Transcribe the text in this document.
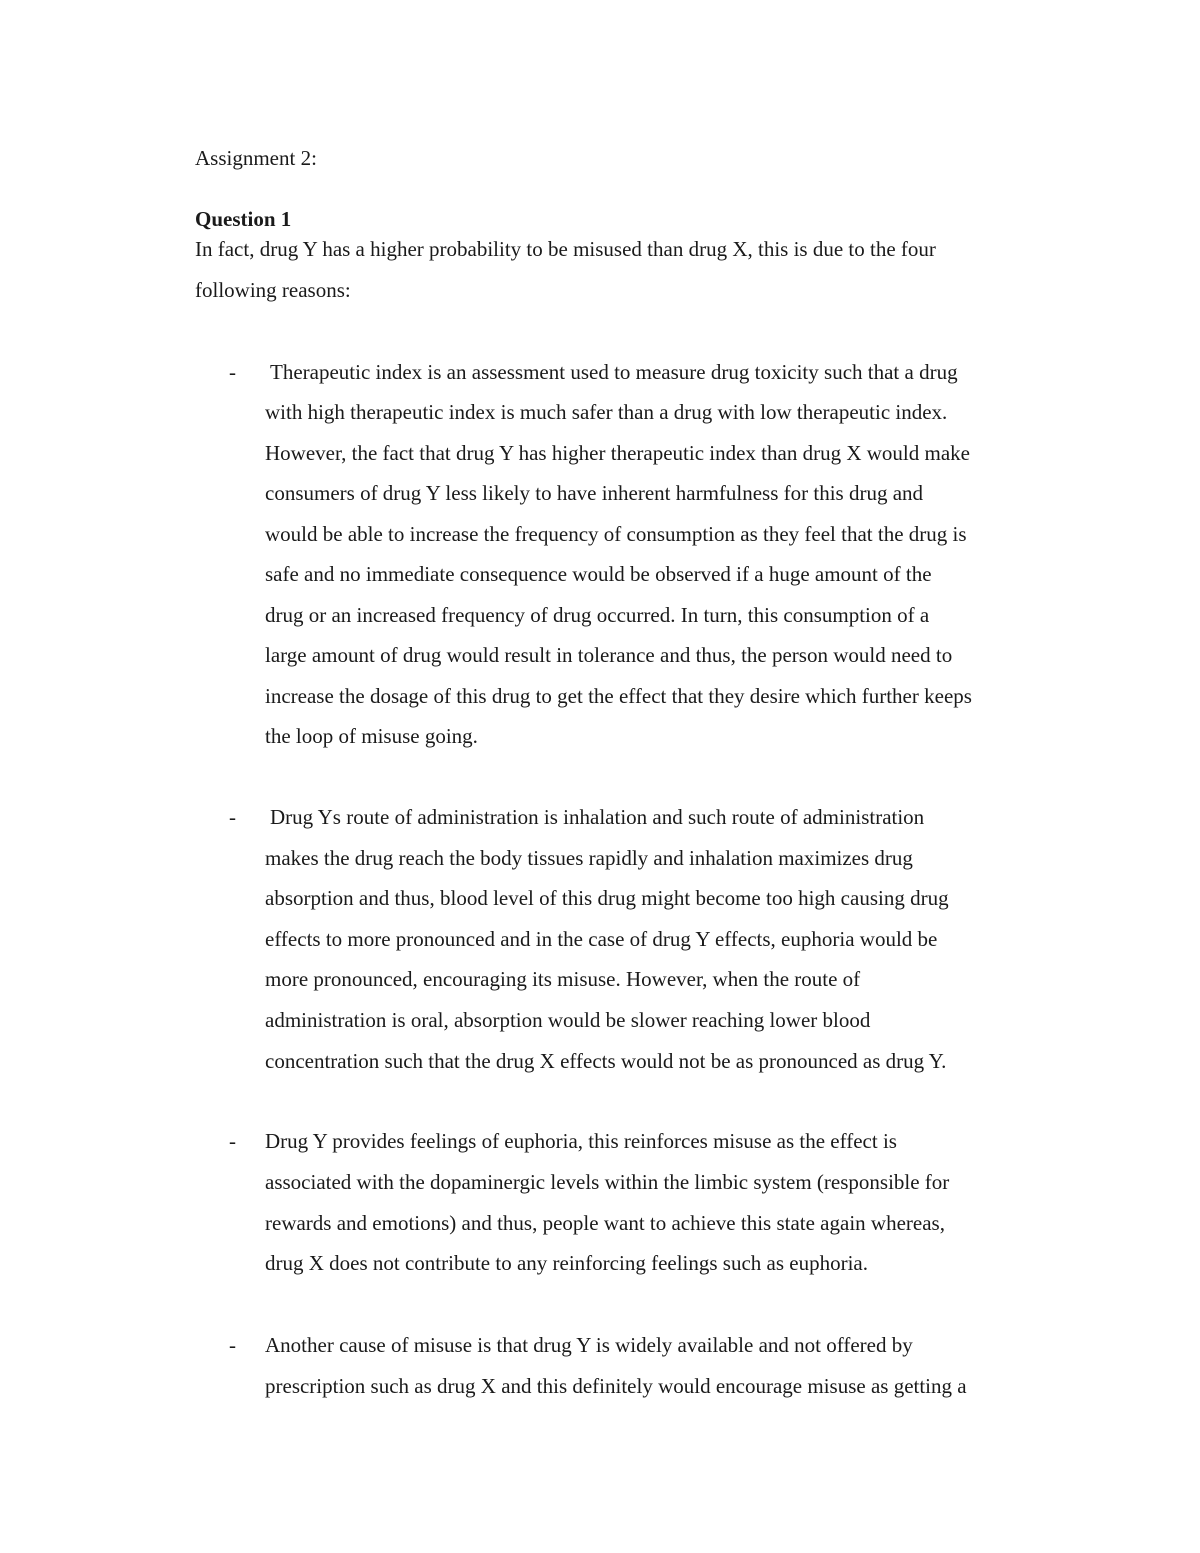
Assignment 2:
Question 1
In fact, drug Y has a higher probability to be misused than drug X, this is due to the four
following reasons:
- Therapeutic index is an assessment used to measure drug toxicity such that a drug
with high therapeutic index is much safer than a drug with low therapeutic index.
However, the fact that drug Y has higher therapeutic index than drug X would make
consumers of drug Y less likely to have inherent harmfulness for this drug and
would be able to increase the frequency of consumption as they feel that the drug is
safe and no immediate consequence would be observed if a huge amount of the
drug or an increased frequency of drug occurred. In turn, this consumption of a
large amount of drug would result in tolerance and thus, the person would need to
increase the dosage of this drug to get the effect that they desire which further keeps
the loop of misuse going.
- Drug Ys route of administration is inhalation and such route of administration
makes the drug reach the body tissues rapidly and inhalation maximizes drug
absorption and thus, blood level of this drug might become too high causing drug
effects to more pronounced and in the case of drug Y effects, euphoria would be
more pronounced, encouraging its misuse. However, when the route of
administration is oral, absorption would be slower reaching lower blood
concentration such that the drug X effects would not be as pronounced as drug Y.
- Drug Y provides feelings of euphoria, this reinforces misuse as the effect is
associated with the dopaminergic levels within the limbic system (responsible for
rewards and emotions) and thus, people want to achieve this state again whereas,
drug X does not contribute to any reinforcing feelings such as euphoria.
- Another cause of misuse is that drug Y is widely available and not offered by
prescription such as drug X and this definitely would encourage misuse as getting a
